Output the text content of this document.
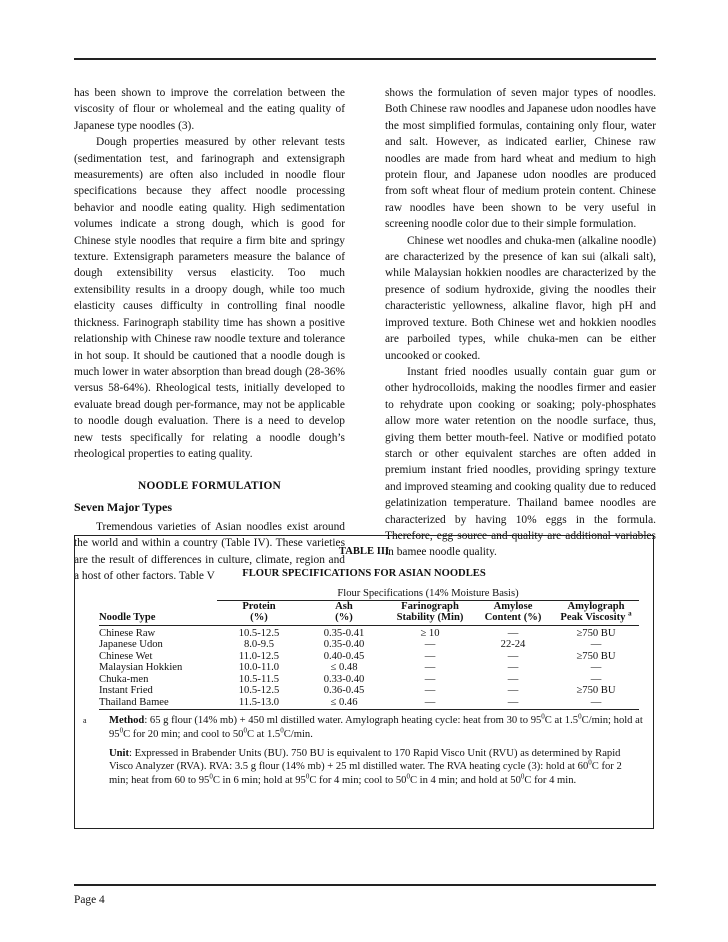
has been shown to improve the correlation between the viscosity of flour or wholemeal and the eating quality of Japanese type noodles (3).

Dough properties measured by other relevant tests (sedimentation test, and farinograph and extensigraph measurements) are often also included in noodle flour specifications because they affect noodle processing behavior and noodle eating quality. High sedimentation volumes indicate a strong dough, which is good for Chinese style noodles that require a firm bite and springy texture. Extensigraph parameters measure the balance of dough extensibility versus elasticity. Too much extensibility results in a droopy dough, while too much elasticity causes difficulty in controlling final noodle thickness. Farinograph stability time has shown a positive relationship with Chinese raw noodle texture and tolerance in hot soup. It should be cautioned that a noodle dough is much lower in water absorption than bread dough (28-36% versus 58-64%). Rheological tests, initially developed to evaluate bread dough per-formance, may not be applicable to noodle dough evaluation. There is a need to develop new tests specifically for relating a noodle dough’s rheological properties to eating quality.

NOODLE FORMULATION
Seven Major Types

Tremendous varieties of Asian noodles exist around the world and within a country (Table IV). These varieties are the result of differences in culture, climate, region and a host of other factors. Table V

shows the formulation of seven major types of noodles. Both Chinese raw noodles and Japanese udon noodles have the most simplified formulas, containing only flour, water and salt. However, as indicated earlier, Chinese raw noodles are made from hard wheat and medium to high protein flour, and Japanese udon noodles are produced from soft wheat flour of medium protein content. Chinese raw noodles have been shown to be very useful in screening noodle color due to their simple formulation.

Chinese wet noodles and chuka-men (alkaline noodle) are characterized by the presence of kan sui (alkali salt), while Malaysian hokkien noodles are characterized by the presence of sodium hydroxide, giving the noodles their characteristic yellowness, alkaline flavor, high pH and improved texture. Both Chinese wet and hokkien noodles are parboiled types, while chuka-men can be either uncooked or cooked.

Instant fried noodles usually contain guar gum or other hydrocolloids, making the noodles firmer and easier to rehydrate upon cooking or soaking; poly-phosphates allow more water retention on the noodle surface, thus, giving them better mouth-feel. Native or modified potato starch or other equivalent starches are often added in premium instant fried noodles, providing springy texture and improved steaming and cooking quality due to reduced gelatinization temperature. Thailand bamee noodles are characterized by having 10% eggs in the formula. Therefore, egg source and quality are additional variables in bamee noodle quality.

TABLE III
FLOUR SPECIFICATIONS FOR ASIAN NOODLES
	Flour Specifications (14% Moisture Basis)				
	Protein	Ash	Farinograph	Amylose	Amylograph
Noodle Type	(%)	(%)	Stability (Min)	Content (%)	Peak Viscosity $^a$
Chinese Raw	10.5-12.5	0.35-0.41	≥ 10	—	≥750 BU
Japanese Udon	8.0-9.5	0.35-0.40	—	22-24	—
Chinese Wet	11.0-12.5	0.40-0.45	—	—	≥750 BU
Malaysian Hokkien	10.0-11.0	≤ 0.48	—	—	—
Chuka-men	10.5-11.5	0.33-0.40	—	—	—
Instant Fried	10.5-12.5	0.36-0.45	—	—	≥750 BU
Thailand Bamee	11.5-13.0	≤ 0.46	—	—	—
a Method: 65 g flour (14% mb) + 450 ml distilled water. Amylograph heating cycle: heat from 30 to $95^0C$ at $1.5^0C/\min$; hold at $95^0C$ for 20 min; and cool to $50^0C$ at $1.5^0C/\min$.

Unit: Expressed in Brabender Units (BU). 750 BU is equivalent to 170 Rapid Visco Unit (RVU) as determined by Rapid Visco Analyzer (RVA). RVA: 3.5 g flour (14% mb) + 25 ml distilled water. The RVA heating cycle (3): hold at $60^0C$ for 2 min; heat from 60 to $95^0C$ in 6 min; hold at $95^0C$ for 4 min; cool to $50^0C$ in 4 min; and hold at $50^0C$ for 4 min.

Page 4
